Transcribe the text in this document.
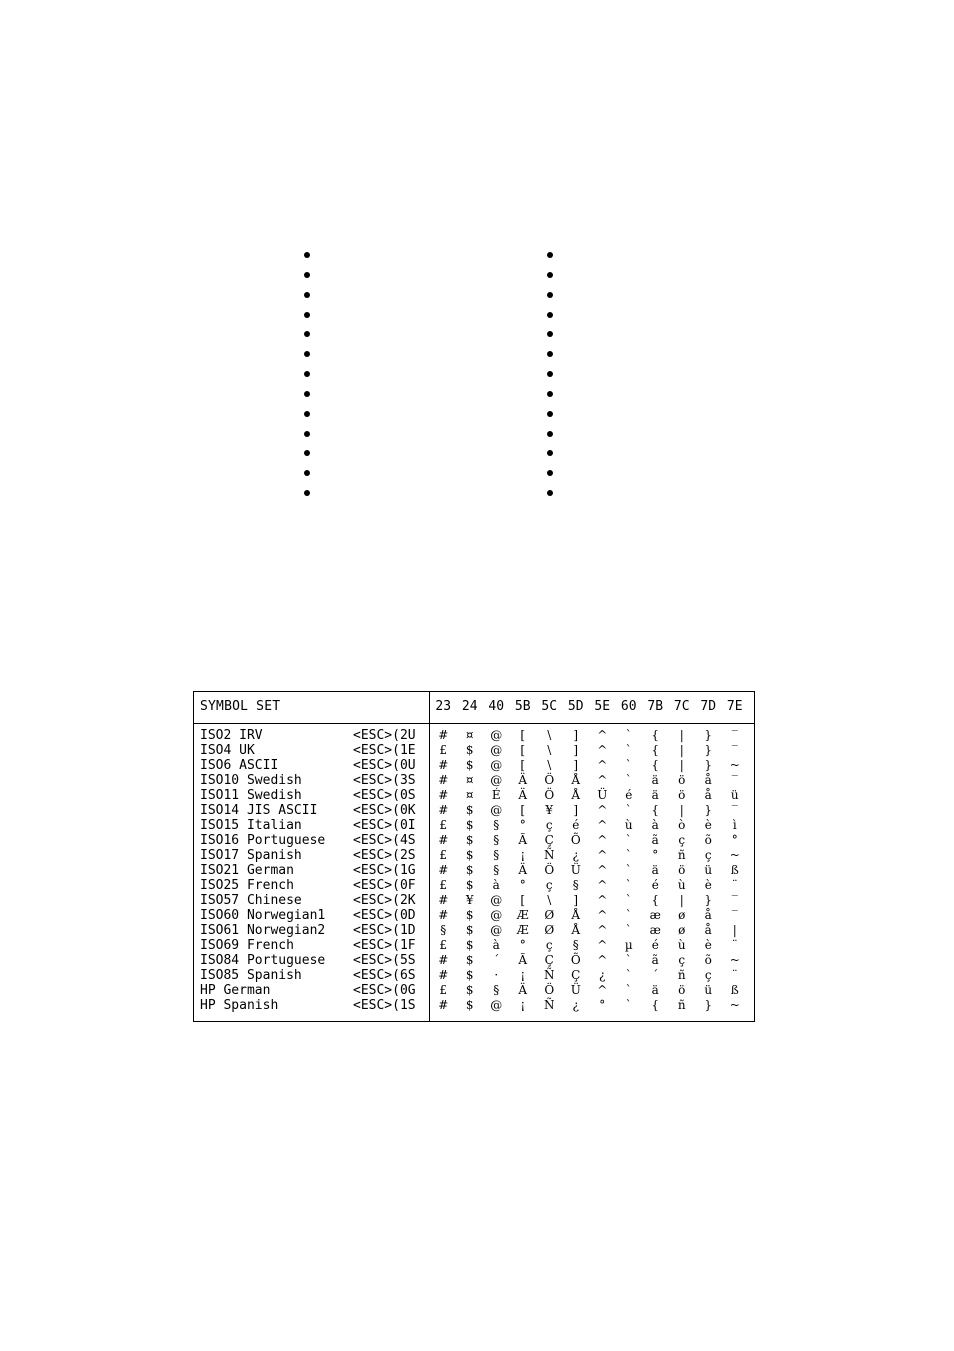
SYMBOL SET	23 24 40 5B 5C 5D 5E 60 7B 7C 7D 7E
ISO2 IRV	<ESC>(2U	#	¤	@	[	\	]	^	`	{	|	}	‾
ISO4 UK	<ESC>(1E	£	$	@	[	\	]	^	`	{	|	}	‾
ISO6 ASCII	<ESC>(0U	#	$	@	[	\	]	^	`	{	|	}	~
ISO10 Swedish	<ESC>(3S	#	¤	@	Ä	Ö	Å	^	`	ä	ö	å	‾
ISO11 Swedish	<ESC>(0S	#	¤	É	Ä	Ö	Å	Ü	é	ä	ö	å	ü
ISO14 JIS ASCII	<ESC>(0K	#	$	@	[	¥	]	^	`	{	|	}	‾
ISO15 Italian	<ESC>(0I	£	$	§	°	ç	é	^	ù	à	ò	è	ì
ISO16 Portuguese <ESC>(4S	#	$	§	Ã	Ç	Õ	^	`	ã	ç	õ	°
ISO17 Spanish	<ESC>(2S	£	$	§	¡	Ñ	¿	^	`	°	ñ	ç	~
ISO21 German	<ESC>(1G	#	$	§	Ä	Ö	Ü	^	`	ä	ö	ü	ß
ISO25 French	<ESC>(0F	£	$	à	°	ç	§	^	`	é	ù	è	¨
ISO57 Chinese	<ESC>(2K	#	¥	@	[	\	]	^	`	{	|	}	‾
ISO60 Norwegian1 <ESC>(0D	#	$	@	Æ	Ø	Å	^	`	æ	ø	å	‾
ISO61 Norwegian2 <ESC>(1D	§	$	@	Æ	Ø	Å	^	`	æ	ø	å	|
ISO69 French	<ESC>(1F	£	$	à	°	ç	§	^	µ	é	ù	è	¨
ISO84 Portuguese <ESC>(5S	#	$	´	Ã	Ç	Õ	^	`	ã	ç	õ	~
ISO85 Spanish	<ESC>(6S	#	$	·	¡	Ñ	Ç	¿	`	´	ñ	ç	¨
HP German	<ESC>(0G	£	$	§	Ä	Ö	Ü	^	`	ä	ö	ü	ß
HP Spanish	<ESC>(1S	#	$	@	¡	Ñ	¿	°	`	{	ñ	}	~
